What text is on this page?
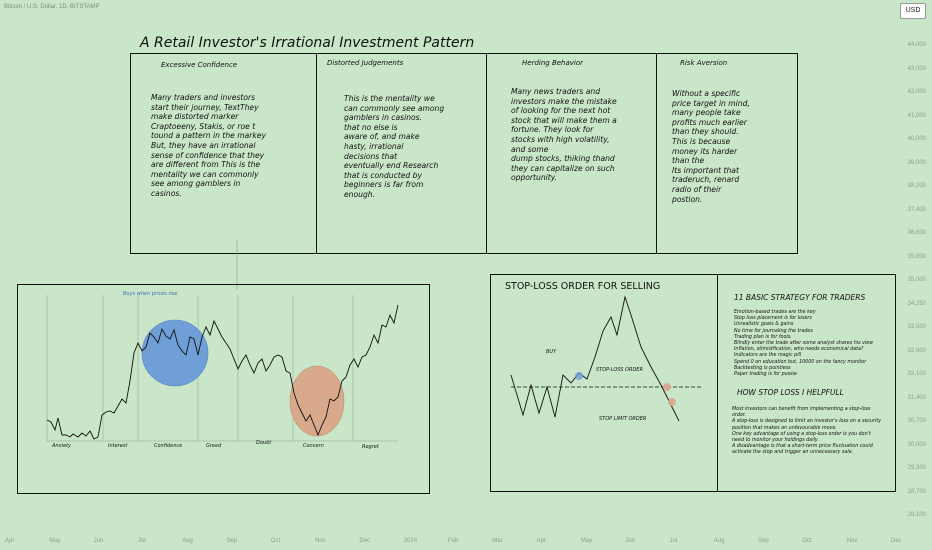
Bitcoin / U.S. Dollar, 1D, BITSTAMP	USD
44,000
43,000
42,000
41,000
40,000
39,000
38,200
37,400
36,600
35,800
35,000
34,250
33,500
32,800
32,100
31,400
30,700
30,000
29,300
28,700
28,100
Apr	May	Jun	Jul	Aug	Sep	Oct	Nov	Dec	2024	Feb	Mar	Apr	May	Jun	Jul	Aug	Sep	Oct	Nov	Dec
A Retail Investor's Irrational Investment Pattern
Excessive Confidence
Many traders and investors
start their journey, TextThey
make distorted marker
Craptoeeny, Stakis, or roe t
tound a pattern in the markey
But, they have an irrational
sense of confidence that they
are different from This is the
mentality we can commonly
see among gamblers in
casinos.
Distorted Judgements
This is the mentality we
can commonly see among
gamblers in casinos.
that no else is
aware of, and make
hasty, irrational
decisions that
eventually end Research
that is conducted by
beginners is far from
enough.
Herding Behavior
Many news traders and
investors make the mistake
of looking for the next hot
stock that will make them a
fortune. They look for
stocks with high volatility,
and some
dump stocks, thiking thand
they can capitalize on such
opportunity.
Risk Aversion
Without a specific
price target in mind,
many people take
profits much earlier
than they should.
This is because
money its harder
than the
Its important that
traderuch, renard
radio of their
postion.
Buys when prices rise
Anxiety	Interest	Confidence	Greed	Doubt	Concern	Regret
STOP-LOSS ORDER FOR SELLING
BUY
STOP-LOSS ORDER
STOP LIMIT ORDER
11 BASIC STRATEGY FOR TRADERS
Emotion-based trades are the key
Stop loss placement is for losers
Unrealistic goals & gains
No time for journaling the trades
Trading plan is for fools.
Blindly enter the trade after some analyst shares his view
Inflation, stimistfication, who needs economical data?
Indicators are the magic pill
Spend 0 on education but, 10000 on the fancy monitor
Backtesting is pointless
Paper trading is for pussie
HOW STOP LOSS I HELPFULL
Most investors can benefit from implementing a stop-loss
order.
A stop-loss is designed to limit an investor's loss on a security
position that makes an unfavourable move.
One key advantage of using a stop-loss order is you don't
need to monitor your holdings daily.
A disadvantage is that a short-term price fluctuation could
activate the stop and trigger an unnecessary sale.
